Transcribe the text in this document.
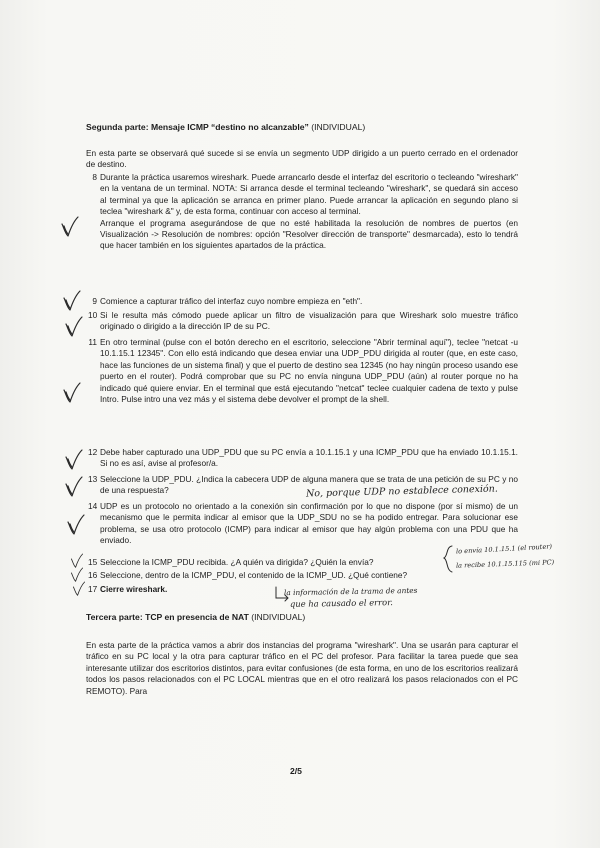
Segunda parte: Mensaje ICMP “destino no alcanzable” (INDIVIDUAL)
En esta parte se observará qué sucede si se envía un segmento UDP dirigido a un puerto cerrado en el ordenador de destino.
8 Durante la práctica usaremos wireshark. Puede arrancarlo desde el interfaz del escritorio o tecleando "wireshark" en la ventana de un terminal. NOTA: Si arranca desde el terminal tecleando "wireshark", se quedará sin acceso al terminal ya que la aplicación se arranca en primer plano. Puede arrancar la aplicación en segundo plano si teclea "wireshark &" y, de esta forma, continuar con acceso al terminal.
Arranque el programa asegurándose de que no esté habilitada la resolución de nombres de puertos (en Visualización -> Resolución de nombres: opción "Resolver dirección de transporte" desmarcada), esto lo tendrá que hacer también en los siguientes apartados de la práctica.
9 Comience a capturar tráfico del interfaz cuyo nombre empieza en "eth".
10 Si le resulta más cómodo puede aplicar un filtro de visualización para que Wireshark solo muestre tráfico originado o dirigido a la dirección IP de su PC.
11 En otro terminal (pulse con el botón derecho en el escritorio, seleccione "Abrir terminal aquí"), teclee "netcat -u 10.1.15.1 12345". Con ello está indicando que desea enviar una UDP_PDU dirigida al router (que, en este caso, hace las funciones de un sistema final) y que el puerto de destino sea 12345 (no hay ningún proceso usando ese puerto en el router). Podrá comprobar que su PC no envía ninguna UDP_PDU (aún) al router porque no ha indicado qué quiere enviar. En el terminal que está ejecutando "netcat" teclee cualquier cadena de texto y pulse Intro. Pulse intro una vez más y el sistema debe devolver el prompt de la shell.
12 Debe haber capturado una UDP_PDU que su PC envía a 10.1.15.1 y una ICMP_PDU que ha enviado 10.1.15.1. Si no es así, avise al profesor/a.
13 Seleccione la UDP_PDU. ¿Indica la cabecera UDP de alguna manera que se trata de una petición de su PC y no de una respuesta?
14 UDP es un protocolo no orientado a la conexión sin confirmación por lo que no dispone (por sí mismo) de un mecanismo que le permita indicar al emisor que la UDP_SDU no se ha podido entregar. Para solucionar ese problema, se usa otro protocolo (ICMP) para indicar al emisor que hay algún problema con una PDU que ha enviado.
15 Seleccione la ICMP_PDU recibida. ¿A quién va dirigida? ¿Quién la envía?
16 Seleccione, dentro de la ICMP_PDU, el contenido de la ICMP_UD. ¿Qué contiene?
17 Cierre wireshark.
Tercera parte: TCP en presencia de NAT (INDIVIDUAL)
En esta parte de la práctica vamos a abrir dos instancias del programa "wireshark". Una se usarán para capturar el tráfico en su PC local y la otra para capturar tráfico en el PC del profesor. Para facilitar la tarea puede que sea interesante utilizar dos escritorios distintos, para evitar confusiones (de esta forma, en uno de los escritorios realizará todos los pasos relacionados con el PC LOCAL mientras que en el otro realizará los pasos relacionados con el PC REMOTO). Para
2/5
No, porque UDP no establece conexión.
lo envía 10.1.15.1 (el router)
la recibe 10.1.15.115 (mi PC)
la información de la trama de antes
que ha causado el error.
